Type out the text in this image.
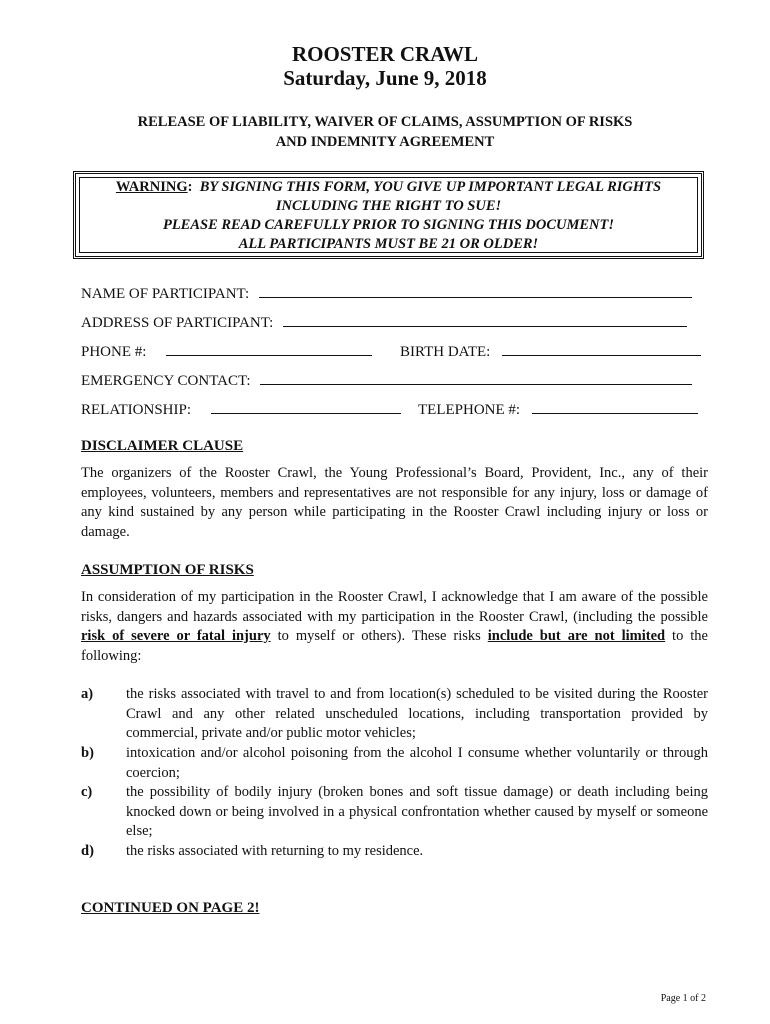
ROOSTER CRAWL
Saturday, June 9, 2018
RELEASE OF LIABILITY, WAIVER OF CLAIMS, ASSUMPTION OF RISKS
AND INDEMNITY AGREEMENT
WARNING:  BY SIGNING THIS FORM, YOU GIVE UP IMPORTANT LEGAL RIGHTS
INCLUDING THE RIGHT TO SUE!
PLEASE READ CAREFULLY PRIOR TO SIGNING THIS DOCUMENT!
ALL PARTICIPANTS MUST BE 21 OR OLDER!
NAME OF PARTICIPANT:
ADDRESS OF PARTICIPANT:
PHONE #:	BIRTH DATE:
EMERGENCY CONTACT:
RELATIONSHIP:	TELEPHONE #:
DISCLAIMER CLAUSE
The organizers of the Rooster Crawl, the Young Professional’s Board, Provident, Inc., any of their employees, volunteers, members and representatives are not responsible for any injury, loss or damage of any kind sustained by any person while participating in the Rooster Crawl including injury or loss or damage.
ASSUMPTION OF RISKS
In consideration of my participation in the Rooster Crawl, I acknowledge that I am aware of the possible risks, dangers and hazards associated with my participation in the Rooster Crawl, (including the possible risk of severe or fatal injury to myself or others). These risks include but are not limited to the following:
a) the risks associated with travel to and from location(s) scheduled to be visited during the Rooster Crawl and any other related unscheduled locations, including transportation provided by commercial, private and/or public motor vehicles;
b) intoxication and/or alcohol poisoning from the alcohol I consume whether voluntarily or through coercion;
c) the possibility of bodily injury (broken bones and soft tissue damage) or death including being knocked down or being involved in a physical confrontation whether caused by myself or someone else;
d) the risks associated with returning to my residence.
CONTINUED ON PAGE 2!
Page 1 of 2
